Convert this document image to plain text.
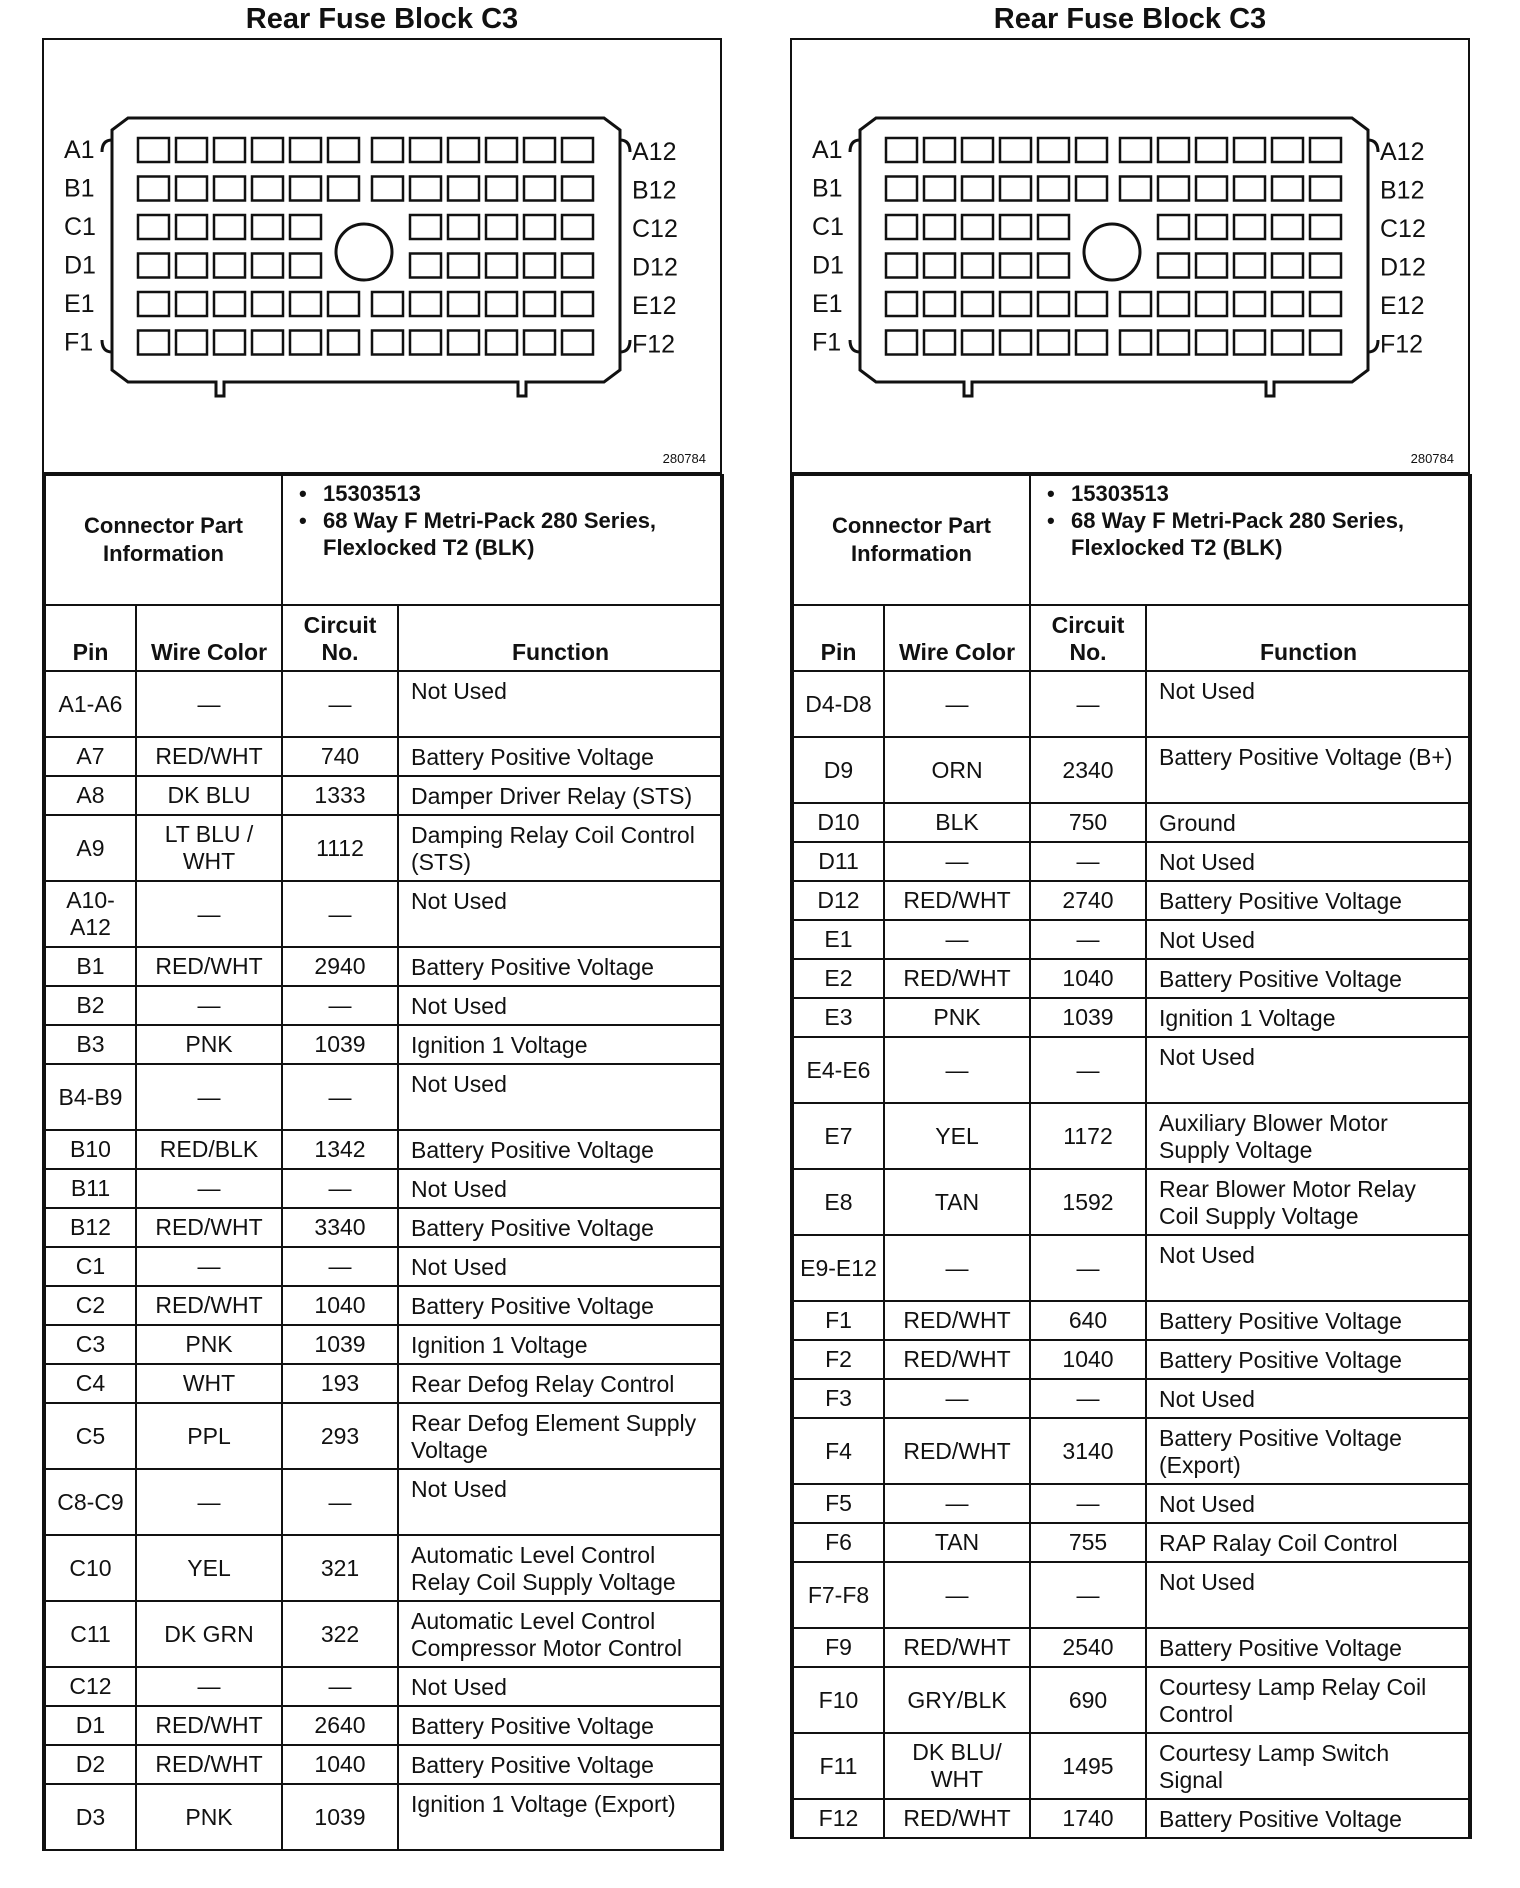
Rear Fuse Block C3
A1	A12
B1	B12
C1	C12
D1	D12
E1	E12
F1	F12
280784
Connector Part Information		• 15303513
• 68 Way F Metri-Pack 280 Series, Flexlocked T2 (BLK)

Pin	Wire Color	Circuit No.	Function
A1-A6	—	—	Not Used
A7	RED/WHT	740	Battery Positive Voltage
A8	DK BLU	1333	Damper Driver Relay (STS)
A9	LT BLU / WHT	1112	Damping Relay Coil Control (STS)
A10-A12	—	—	Not Used
B1	RED/WHT	2940	Battery Positive Voltage
B2	—	—	Not Used
B3	PNK	1039	Ignition 1 Voltage
B4-B9	—	—	Not Used
B10	RED/BLK	1342	Battery Positive Voltage
B11	—	—	Not Used
B12	RED/WHT	3340	Battery Positive Voltage
C1	—	—	Not Used
C2	RED/WHT	1040	Battery Positive Voltage
C3	PNK	1039	Ignition 1 Voltage
C4	WHT	193	Rear Defog Relay Control
C5	PPL	293	Rear Defog Element Supply Voltage
C8-C9	—	—	Not Used
C10	YEL	321	Automatic Level Control Relay Coil Supply Voltage
C11	DK GRN	322	Automatic Level Control Compressor Motor Control
C12	—	—	Not Used
D1	RED/WHT	2640	Battery Positive Voltage
D2	RED/WHT	1040	Battery Positive Voltage
D3	PNK	1039	Ignition 1 Voltage (Export)
Rear Fuse Block C3
A1	A12
B1	B12
C1	C12
D1	D12
E1	E12
F1	F12
280784
Connector Part Information		• 15303513
• 68 Way F Metri-Pack 280 Series, Flexlocked T2 (BLK)

Pin	Wire Color	Circuit No.	Function
D4-D8	—	—	Not Used
D9	ORN	2340	Battery Positive Voltage (B+)
D10	BLK	750	Ground
D11	—	—	Not Used
D12	RED/WHT	2740	Battery Positive Voltage
E1	—	—	Not Used
E2	RED/WHT	1040	Battery Positive Voltage
E3	PNK	1039	Ignition 1 Voltage
E4-E6	—	—	Not Used
E7	YEL	1172	Auxiliary Blower Motor Supply Voltage
E8	TAN	1592	Rear Blower Motor Relay Coil Supply Voltage
E9-E12	—	—	Not Used
F1	RED/WHT	640	Battery Positive Voltage
F2	RED/WHT	1040	Battery Positive Voltage
F3	—	—	Not Used
F4	RED/WHT	3140	Battery Positive Voltage (Export)
F5	—	—	Not Used
F6	TAN	755	RAP Ralay Coil Control
F7-F8	—	—	Not Used
F9	RED/WHT	2540	Battery Positive Voltage
F10	GRY/BLK	690	Courtesy Lamp Relay Coil Control
F11	DK BLU/ WHT	1495	Courtesy Lamp Switch Signal
F12	RED/WHT	1740	Battery Positive Voltage
